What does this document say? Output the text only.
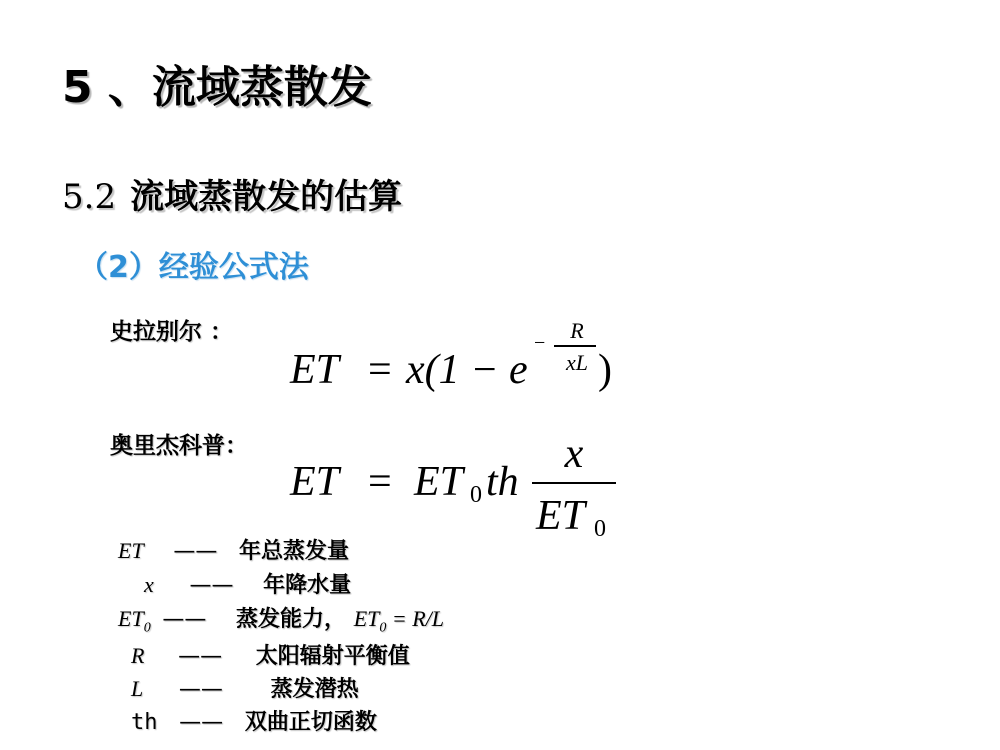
5 、流域蒸散发
5.2 流域蒸散发的估算
（2）经验公式法
史拉别尔 ：
ET = x(1 − e
−	R
xL )
奥里杰科普：
ET = ET 0 th
x
ET 0
ET —— 年总蒸发量
x —— 年降水量
$ET_0$ —— 蒸发能力， $ET_0 = R/L$
R —— 太阳辐射平衡值
L —— 蒸发潜热
th —— 双曲正切函数
